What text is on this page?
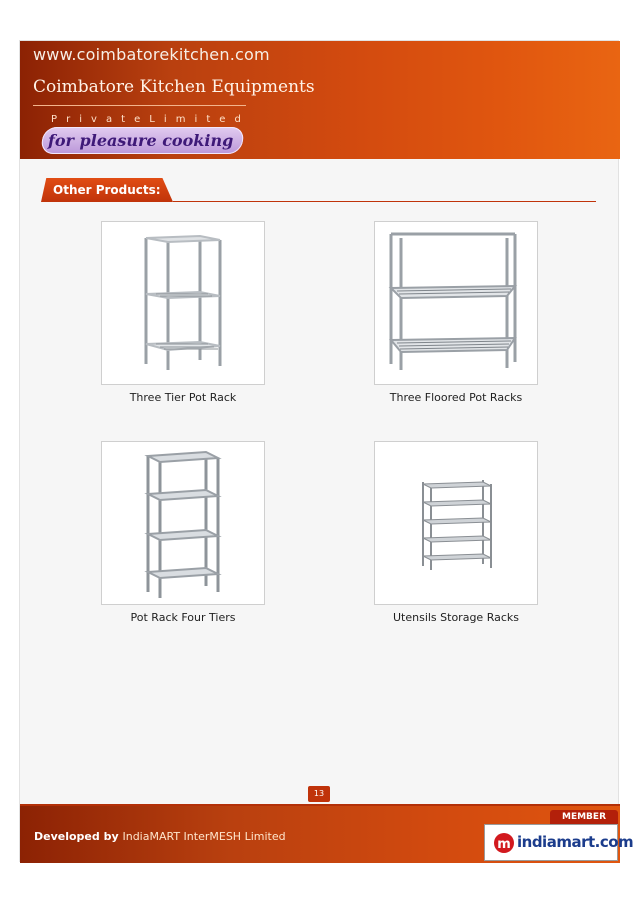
www.coimbatorekitchen.com
Coimbatore Kitchen Equipments
P r i v a t e L i m i t e d
for pleasure cooking
Other Products:
Three Tier Pot Rack	Three Floored Pot Racks
Pot Rack Four Tiers	Utensils Storage Racks
13
Developed by IndiaMART InterMESH Limited
MEMBER
m indiamart.com
